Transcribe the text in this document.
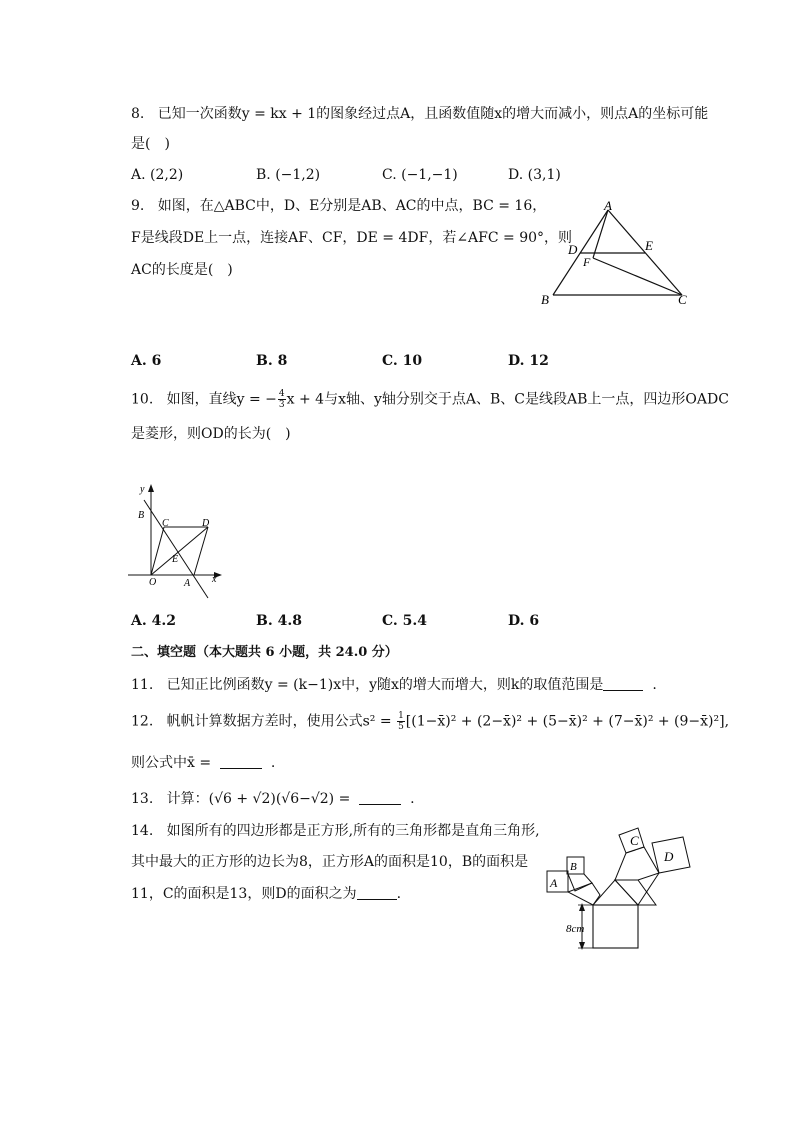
8. 已知一次函数y = kx + 1的图象经过点A，且函数值随x的增大而减小，则点A的坐标可能
是(　)
A. (2,2)	B. (−1,2)	C. (−1,−1)	D. (3,1)
9. 如图，在△ABC中，D、E分别是AB、AC的中点，BC = 16，
F是线段DE上一点，连接AF、CF，DE = 4DF，若∠AFC = 90°，则
AC的长度是(　)
A
D	E
F
B	C
A. 6	B. 8	C. 10	D. 12
10. 如图，直线y = − $\frac{4}{3}$ x + 4与x轴、y轴分别交于点A、B、C是线段AB上一点，四边形OADC
是菱形，则OD的长为(　)
y
B
C	D
E
O	A x
A. 4.2	B. 4.8	C. 5.4	D. 6
二、填空题（本大题共 6 小题，共 24.0 分）
11. 已知正比例函数y = (k−1)x中，y随x的增大而增大，则k的取值范围是	.
12. 帆帆计算数据方差时，使用公式$s^2 = \frac{1}{5}$ [(1−x̄)² + (2−x̄)² + (5−x̄)² + (7−x̄)² + (9−x̄)²],
则公式中x̄ =	.
13. 计算：(√6 + √2)(√6−√2) =	.
14. 如图所有的四边形都是正方形,所有的三角形都是直角三角形,
其中最大的正方形的边长为8，正方形A的面积是10，B的面积是
11，C的面积是13，则D的面积之为	.
A
B
C
D
8cm
